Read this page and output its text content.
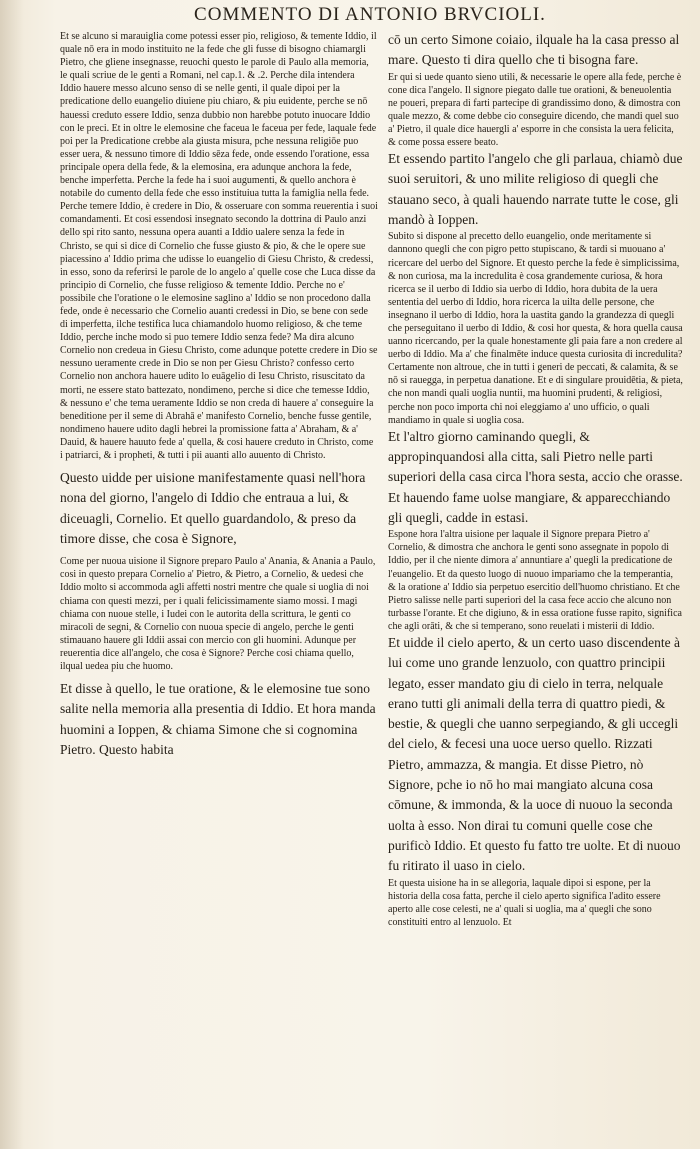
COMMENTO DI ANTONIO BRVCIOLI.

Et se alcuno si marauiglia come potessi esser pio, religioso, & temente Iddio, il quale nō era in modo instituito ne la fede che gli fusse di bisogno chiamargli Pietro, che gliene insegnasse, reuochi questo le parole di Paulo alla memoria, le quali scriue de le genti a Romani, nel cap.1. & .2. Perche dila intendera Iddio hauere messo alcuno senso di se nelle genti, il quale dipoi per la predicatione dello euangelio diuiene piu chiaro, & piu euidente, perche se nō hauessi creduto essere Iddio, senza dubbio non harebbe potuto inuocare Iddio con le preci. Et in oltre le elemosine che faceua le faceua per fede, laquale fede poi per la Predicatione crebbe ala giusta misura, pche nessuna religiōe puo esser uera, & nessuno timore di Iddio sēza fede, onde essendo l'oratione, essa principale opera della fede, & la elemosina, era adunque anchora la fede, benche imperfetta. Perche la fede ha i suoi augumenti, & quello anchora è notabile do cumento della fede che esso instituiua tutta la famiglia nella fede. Perche temere Iddio, è credere in Dio, & osseruare con somma reuerentia i suoi comandamenti. Et cosi essendosi insegnato secondo la dottrina di Paulo anzi dello spi rito santo, nessuna opera auanti a Iddio ualere senza la fede in Christo, se qui si dice di Cornelio che fusse giusto & pio, & che le opere sue piacessino a' Iddio prima che udisse lo euangelio di Giesu Christo, & credessi, in esso, sono da referirsi le parole de lo angelo a' quelle cose che Luca disse da principio di Cornelio, che fusse religioso & temente Iddio. Perche no e' possibile che l'oratione o le elemosine saglino a' Iddio se non procedono dalla fede, onde è necessario che Cornelio auanti credessi in Dio, se bene con sede di imperfetta, ilche testifica luca chiamandolo huomo religioso, & che teme Iddio, perche inche modo si puo temere Iddio senza fede? Ma dira alcuno Cornelio non credeua in Giesu Christo, come adunque potette credere in Dio se nessuno ueramente crede in Dio se non per Giesu Christo? confesso certo Cornelio non anchora hauere udito lo euāgelio di Iesu Christo, risuscitato da morti, ne essere stato battezato, nondimeno, perche si dice che temesse Iddio, & nessuno e' che tema ueramente Iddio se non creda di hauere a' conseguire la beneditione per il seme di Abrahā e' manifesto Cornelio, benche fusse gentile, nondimeno hauere udito dagli hebrei la promissione fatta a' Abraham, & a' Dauid, & hauere hauuto fede a' quella, & cosi hauere creduto in Christo, come i patriarci, & i propheti, & tutti i pii auanti allo auuento di Christo.

Questo uidde per uisione manifestamente quasi nell'hora nona del giorno, l'angelo di Iddio che entraua a lui, & diceuagli, Cornelio. Et quello guardandolo, & preso da timore disse, che cosa è Signore,

Come per nuoua uisione il Signore preparo Paulo a' Anania, & Anania a Paulo, cosi in questo prepara Cornelio a' Pietro, & Pietro, a Cornelio, & uedesi che Iddio molto si accommoda agli affetti nostri mentre che quale si uoglia di noi chiama con questi mezzi, per i quali felicissimamente siamo mossi. I magi chiama con nuoue stelle, i Iudei con le autorita della scrittura, le genti co miracoli de segni, & Cornelio con nuoua specie di angelo, perche le genti stimauano hauere gli Iddii assai con mercio con gli huomini. Adunque per reuerentia dice all'angelo, che cosa è Signore? Perche cosi chiama quello, ilqual uedea piu che huomo.

Et disse à quello, le tue oratione, & le elemosine tue sono salite nella memoria alla presentia di Iddio. Et hora manda huomini a Ioppen, & chiama Simone che si cognomina Pietro. Questo habita

cō un certo Simone coiaio, ilquale ha la casa presso al mare. Questo ti dira quello che ti bisogna fare.

Er qui si uede quanto sieno utili, & necessarie le opere alla fede, perche è cone dica l'angelo. Il signore piegato dalle tue orationi, & beneuolentia ne poueri, prepara di farti partecipe di grandissimo dono, & dimostra con quale mezzo, & come debbe cio conseguire dicendo, che mandi quel suo a' Pietro, il quale dice hauergli a' esporre in che consista la uera felicita, & come possa essere beato.

Et essendo partito l'angelo che gli parlaua, chiamò due suoi seruitori, & uno milite religioso di quegli che stauano seco, à quali hauendo narrate tutte le cose, gli mandò à Ioppen.

Subito si dispone al precetto dello euangelio, onde meritamente si dannono quegli che con pigro petto stupiscano, & tardi si muouano a' ricercare del uerbo del Signore. Et questo perche la fede è simplicissima, & non curiosa, ma la incredulita è cosa grandemente curiosa, & hora ricerca se il uerbo di Iddio sia uerbo di Iddio, hora dubita de la uera sententia del uerbo di Iddio, hora ricerca la uilta delle persone, che insegnano il uerbo di Iddio, hora la uastita gando la grandezza di quegli che perseguitano il uerbo di Iddio, & cosi hor questa, & hora quella causa uanno ricercando, per la quale honestamente gli paia fare a non credere al uerbo di Iddio. Ma a' che finalmēte induce questa curiosita di incredulita? Certamente non altroue, che in tutti i generi de peccati, & calamita, & se nō si rauegga, in perpetua danatione. Et e di singulare prouidētia, & pieta, che non mandi quali uoglia nuntii, ma huomini prudenti, & religiosi, perche non poco importa chi noi eleggiamo a' uno ufficio, o quali mandiamo in quale si uoglia cosa.

Et l'altro giorno caminando quegli, & appropinquandosi alla citta, sali Pietro nelle parti superiori della casa circa l'hora sesta, accio che orasse. Et hauendo fame uolse mangiare, & apparecchiando gli quegli, cadde in estasi.

Espone hora l'altra uisione per laquale il Signore prepara Pietro a' Cornelio, & dimostra che anchora le genti sono assegnate in popolo di Iddio, per il che niente dimora a' annuntiare a' quegli la predicatione de l'euangelio. Et da questo luogo di nuouo impariamo che la temperantia, & la oratione a' Iddio sia perpetuo esercitio dell'huomo christiano. Et che Pietro salisse nelle parti superiori del la casa fece accio che alcuno non turbasse l'orante. Et che digiuno, & in essa oratione fusse rapito, significa che agli orāti, & che si temperano, sono reuelati i misterii di Iddio.

Et uidde il cielo aperto, & un certo uaso discendente à lui come uno grande lenzuolo, con quattro principii legato, esser mandato giu di cielo in terra, nelquale erano tutti gli animali della terra di quattro piedi, & bestie, & quegli che uanno serpegiando, & gli uccegli del cielo, & fecesi una uoce uerso quello. Rizzati Pietro, ammazza, & mangia. Et disse Pietro, nò Signore, pche io nō ho mai mangiato alcuna cosa cōmune, & immonda, & la uoce di nuouo la seconda uolta à esso. Non dirai tu comuni quelle cose che purificò Iddio. Et questo fu fatto tre uolte. Et di nuouo fu ritirato il uaso in cielo.

Et questa uisione ha in se allegoria, laquale dipoi si espone, per la historia della cosa fatta, perche il cielo aperto significa l'adito essere aperto alle cose celesti, ne a' quali si uoglia, ma a' quegli che sono constituiti entro al lenzuolo. Et
